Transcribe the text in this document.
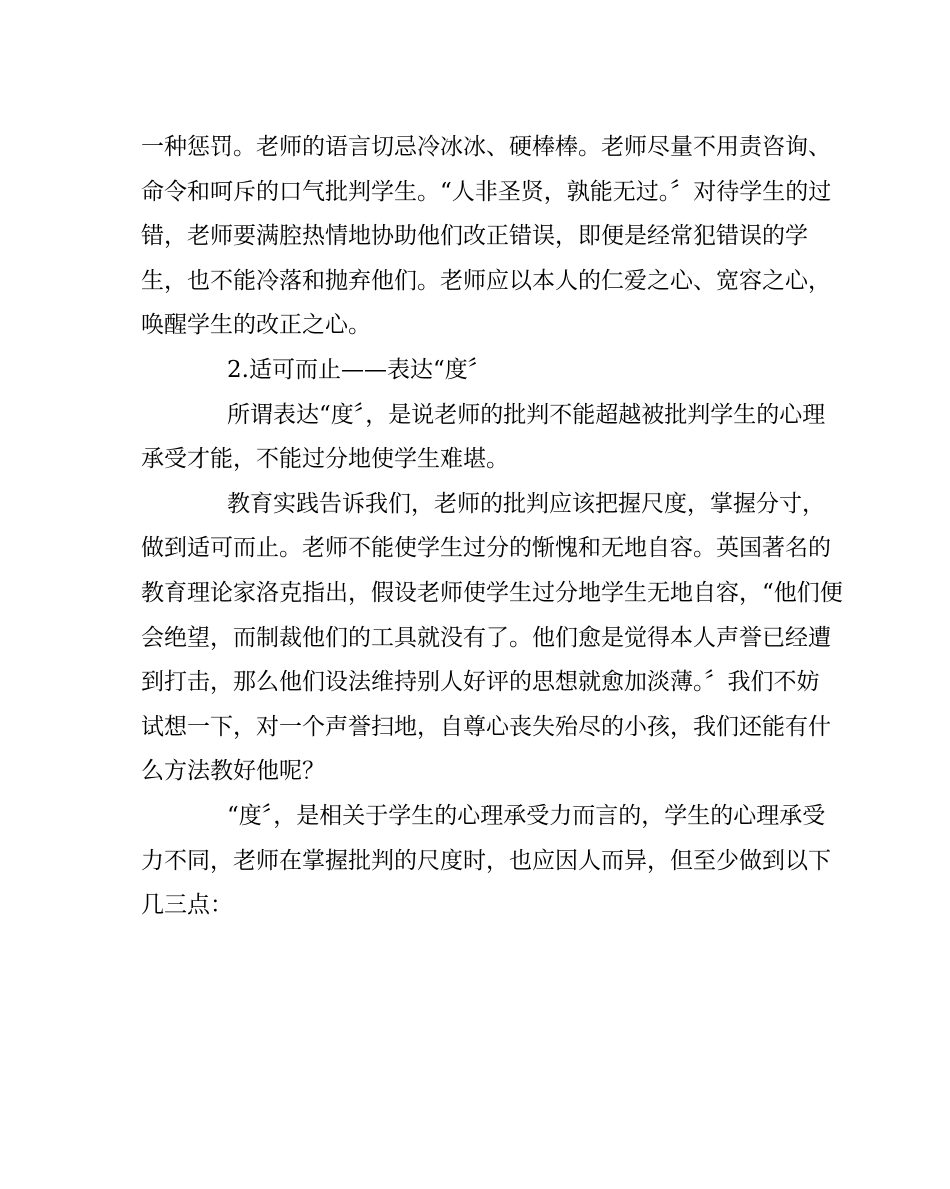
一种惩罚。老师的语言切忌冷冰冰、硬棒棒。老师尽量不用责咨询、
命令和呵斥的口气批判学生。“人非圣贤，孰能无过。〞对待学生的过
错，老师要满腔热情地协助他们改正错误，即便是经常犯错误的学
生，也不能冷落和抛弃他们。老师应以本人的仁爱之心、宽容之心，
唤醒学生的改正之心。

2.适可而止——表达“度〞

所谓表达“度〞，是说老师的批判不能超越被批判学生的心理
承受才能，不能过分地使学生难堪。

教育实践告诉我们，老师的批判应该把握尺度，掌握分寸，
做到适可而止。老师不能使学生过分的惭愧和无地自容。英国著名的
教育理论家洛克指出，假设老师使学生过分地学生无地自容，“他们便
会绝望，而制裁他们的工具就没有了。他们愈是觉得本人声誉已经遭
到打击，那么他们设法维持别人好评的思想就愈加淡薄。〞我们不妨
试想一下，对一个声誉扫地，自尊心丧失殆尽的小孩，我们还能有什
么方法教好他呢？

“度〞，是相关于学生的心理承受力而言的，学生的心理承受
力不同，老师在掌握批判的尺度时，也应因人而异，但至少做到以下
几三点：
